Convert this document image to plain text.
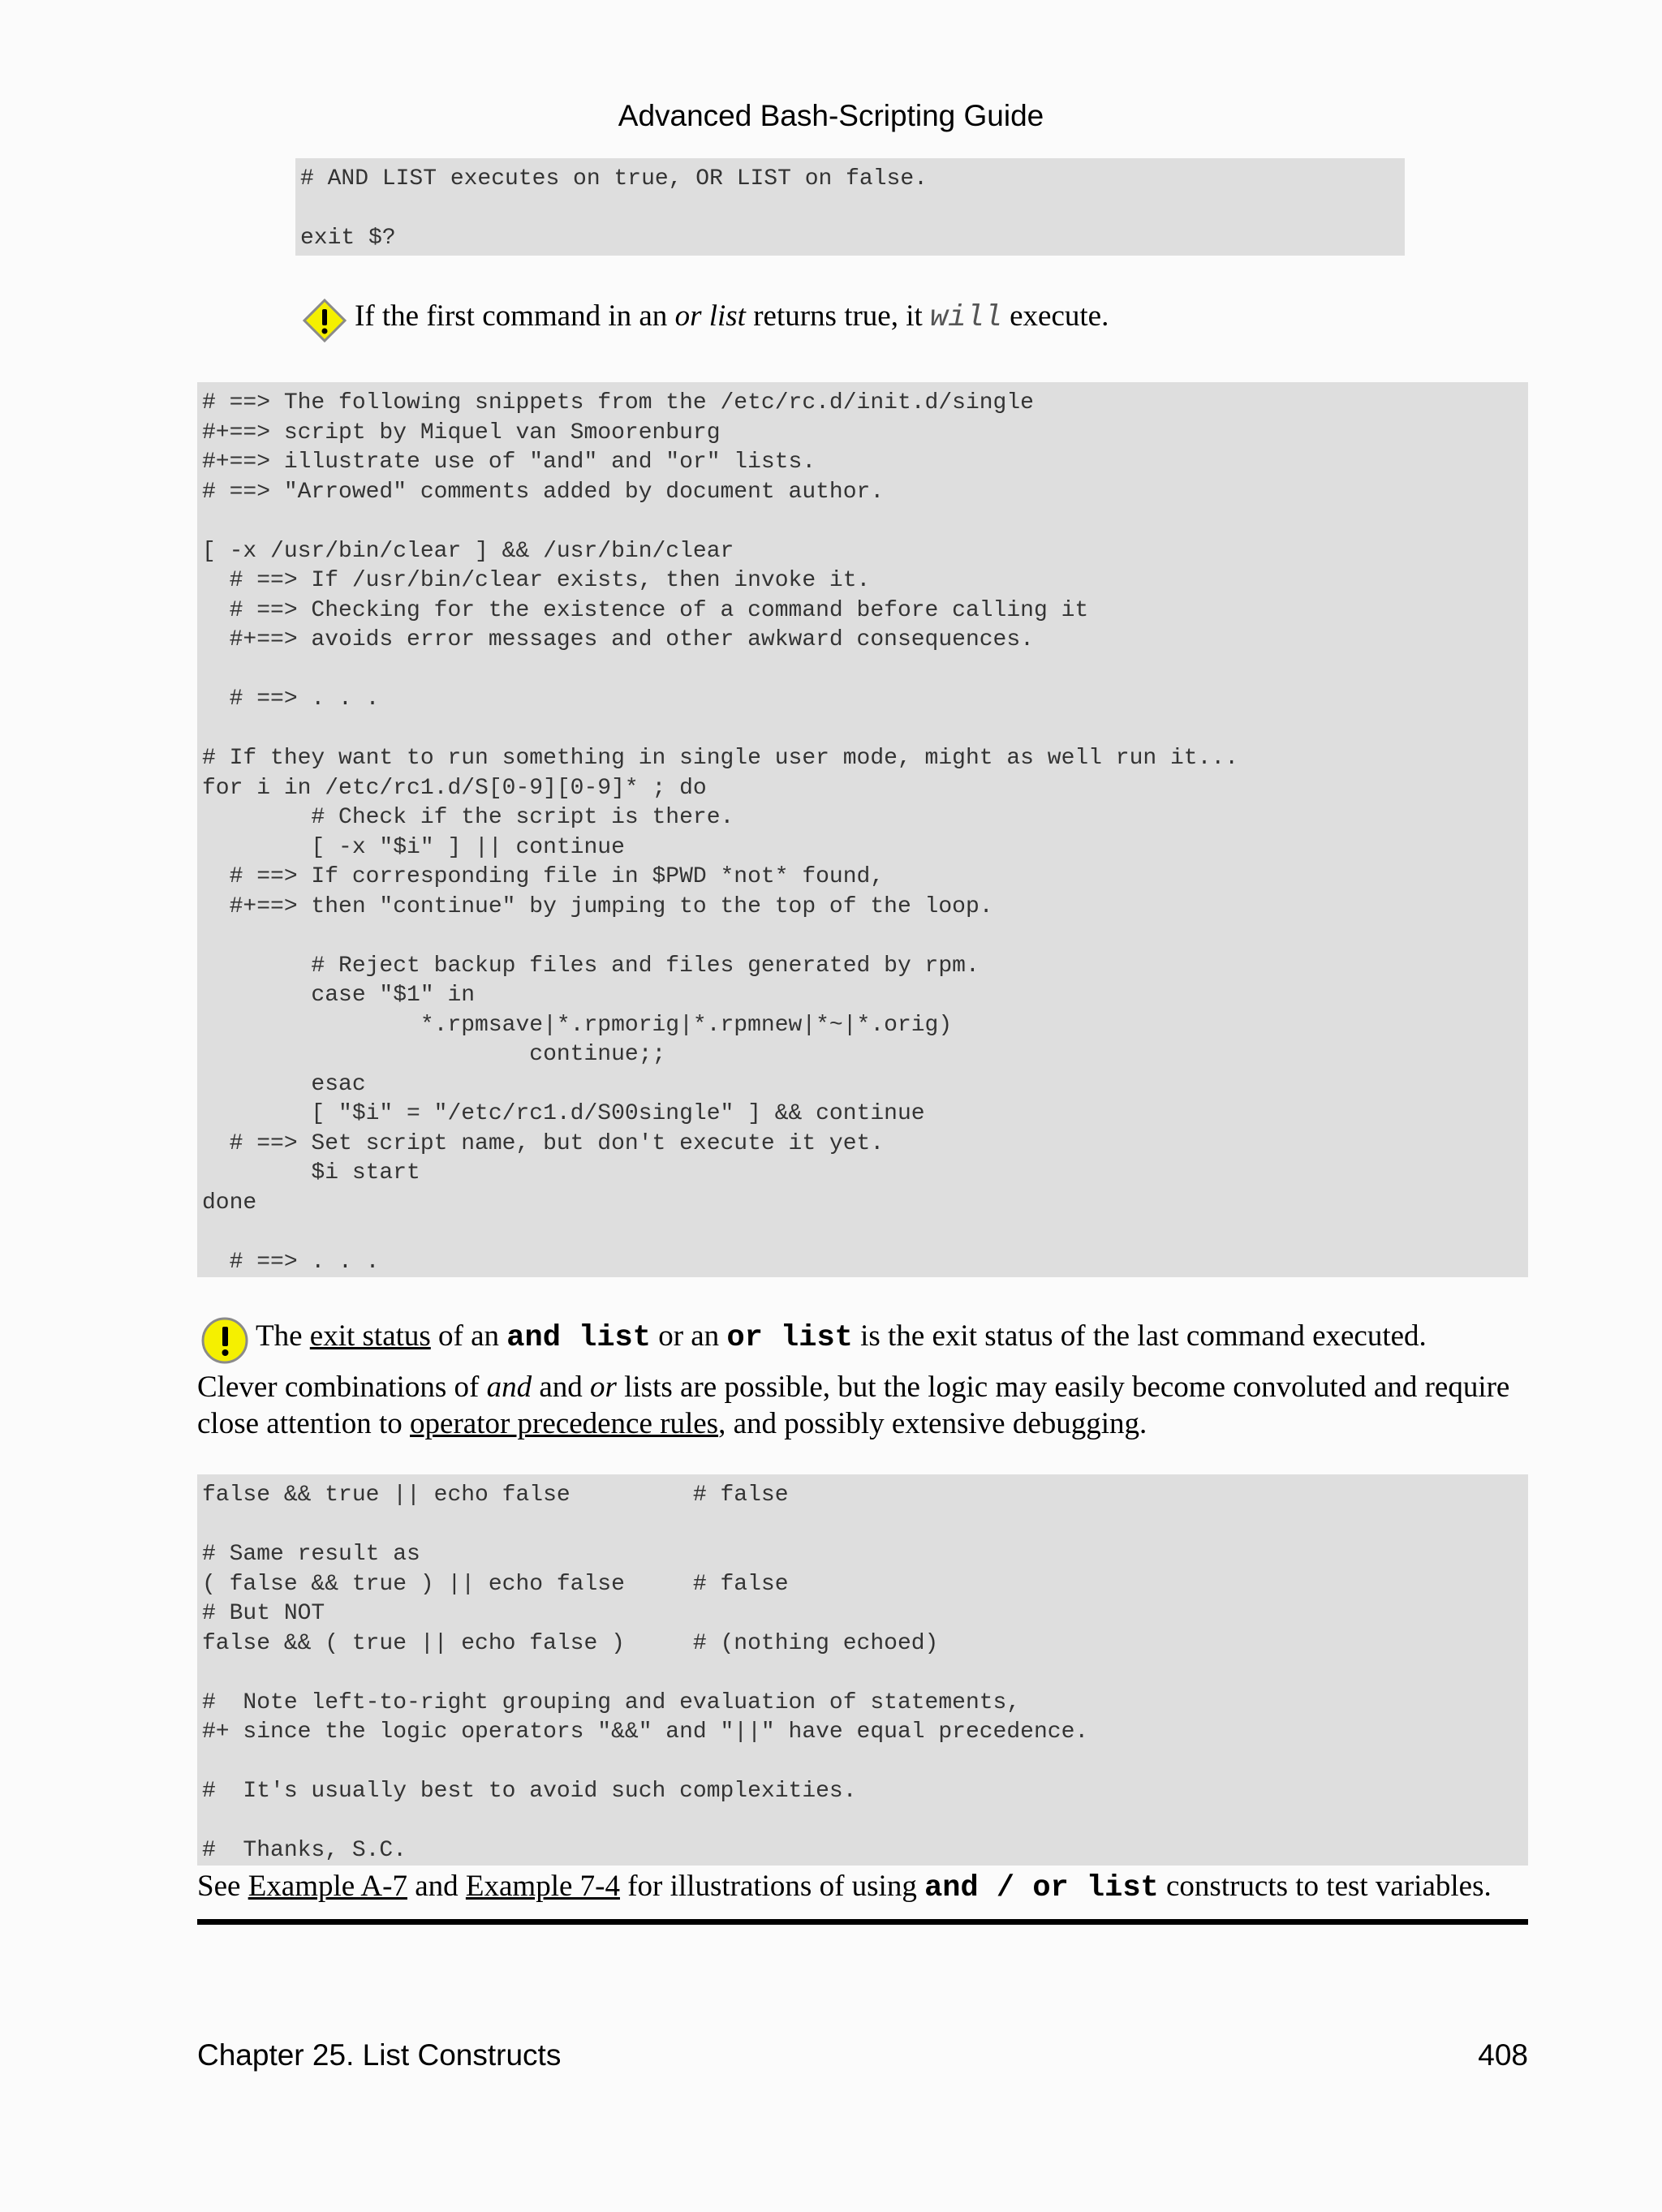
Advanced Bash-Scripting Guide
# AND LIST executes on true, OR LIST on false.

exit $?
If the first command in an or list returns true, it will execute.
# ==> The following snippets from the /etc/rc.d/init.d/single
#+==> script by Miquel van Smoorenburg
#+==> illustrate use of "and" and "or" lists.
# ==> "Arrowed" comments added by document author.

[ -x /usr/bin/clear ] && /usr/bin/clear
# ==> If /usr/bin/clear exists, then invoke it.
# ==> Checking for the existence of a command before calling it
#+==> avoids error messages and other awkward consequences.

# ==> . . .

# If they want to run something in single user mode, might as well run it...
for i in /etc/rc1.d/S[0-9][0-9]* ; do
# Check if the script is there.
[ -x "$i" ] || continue
# ==> If corresponding file in $PWD *not* found,
#+==> then "continue" by jumping to the top of the loop.

# Reject backup files and files generated by rpm.
case "$1" in
*.rpmsave|*.rpmorig|*.rpmnew|*~|*.orig)
continue;;
esac
[ "$i" = "/etc/rc1.d/S00single" ] && continue
# ==> Set script name, but don't execute it yet.
$i start
done

# ==> . . .
The exit status of an and list or an or list is the exit status of the last command executed.
Clever combinations of and and or lists are possible, but the logic may easily become convoluted and require close attention to operator precedence rules, and possibly extensive debugging.
false && true || echo false         # false

# Same result as
( false && true ) || echo false     # false
# But NOT
false && ( true || echo false )     # (nothing echoed)

#  Note left-to-right grouping and evaluation of statements,
#+ since the logic operators "&&" and "||" have equal precedence.

#  It's usually best to avoid such complexities.

#  Thanks, S.C.
See Example A-7 and Example 7-4 for illustrations of using and / or list constructs to test variables.
Chapter 25. List Constructs	408
